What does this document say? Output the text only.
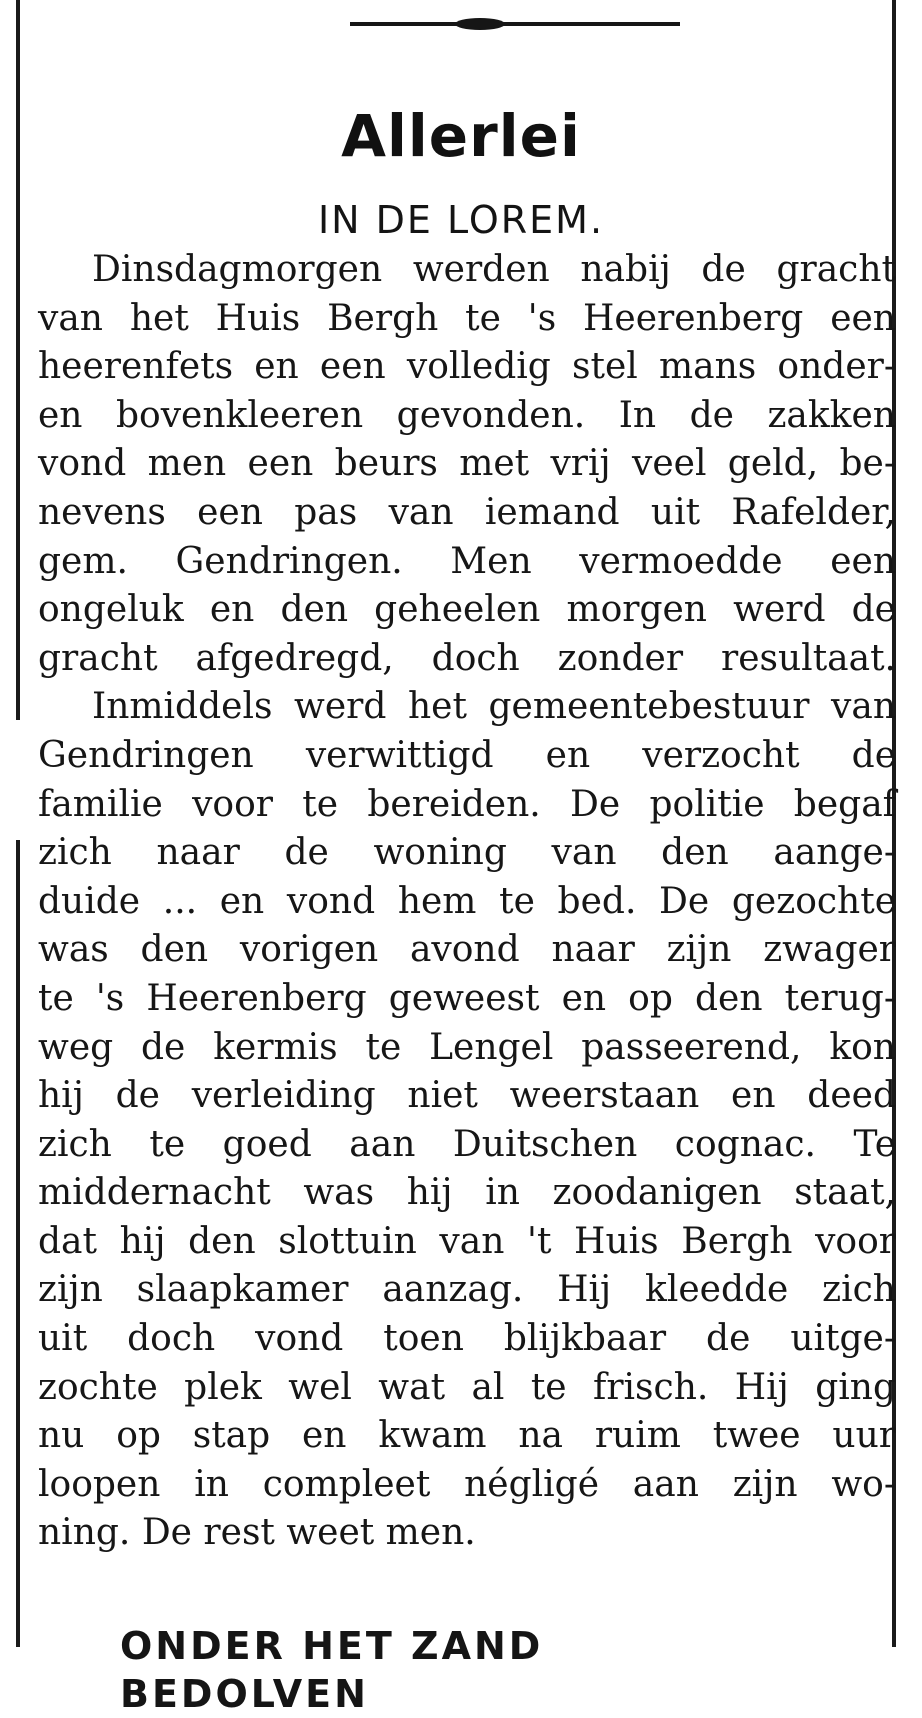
Allerlei
IN DE LOREM.
Dinsdagmorgen werden nabij de gracht
van het Huis Bergh te 's Heerenberg een
heerenfets en een volledig stel mans onder-
en bovenkleeren gevonden. In de zakken
vond men een beurs met vrij veel geld, be-
nevens een pas van iemand uit Rafelder,
gem. Gendringen. Men vermoedde een
ongeluk en den geheelen morgen werd de
gracht afgedregd, doch zonder resultaat.
Inmiddels werd het gemeentebestuur van
Gendringen verwittigd en verzocht de
familie voor te bereiden. De politie begaf
zich naar de woning van den aange-
duide ... en vond hem te bed. De gezochte
was den vorigen avond naar zijn zwager
te 's Heerenberg geweest en op den terug-
weg de kermis te Lengel passeerend, kon
hij de verleiding niet weerstaan en deed
zich te goed aan Duitschen cognac. Te
middernacht was hij in zoodanigen staat,
dat hij den slottuin van 't Huis Bergh voor
zijn slaapkamer aanzag. Hij kleedde zich
uit doch vond toen blijkbaar de uitge-
zochte plek wel wat al te frisch. Hij ging
nu op stap en kwam na ruim twee uur
loopen in compleet négligé aan zijn wo-
ning. De rest weet men.
ONDER HET ZAND BEDOLVEN
